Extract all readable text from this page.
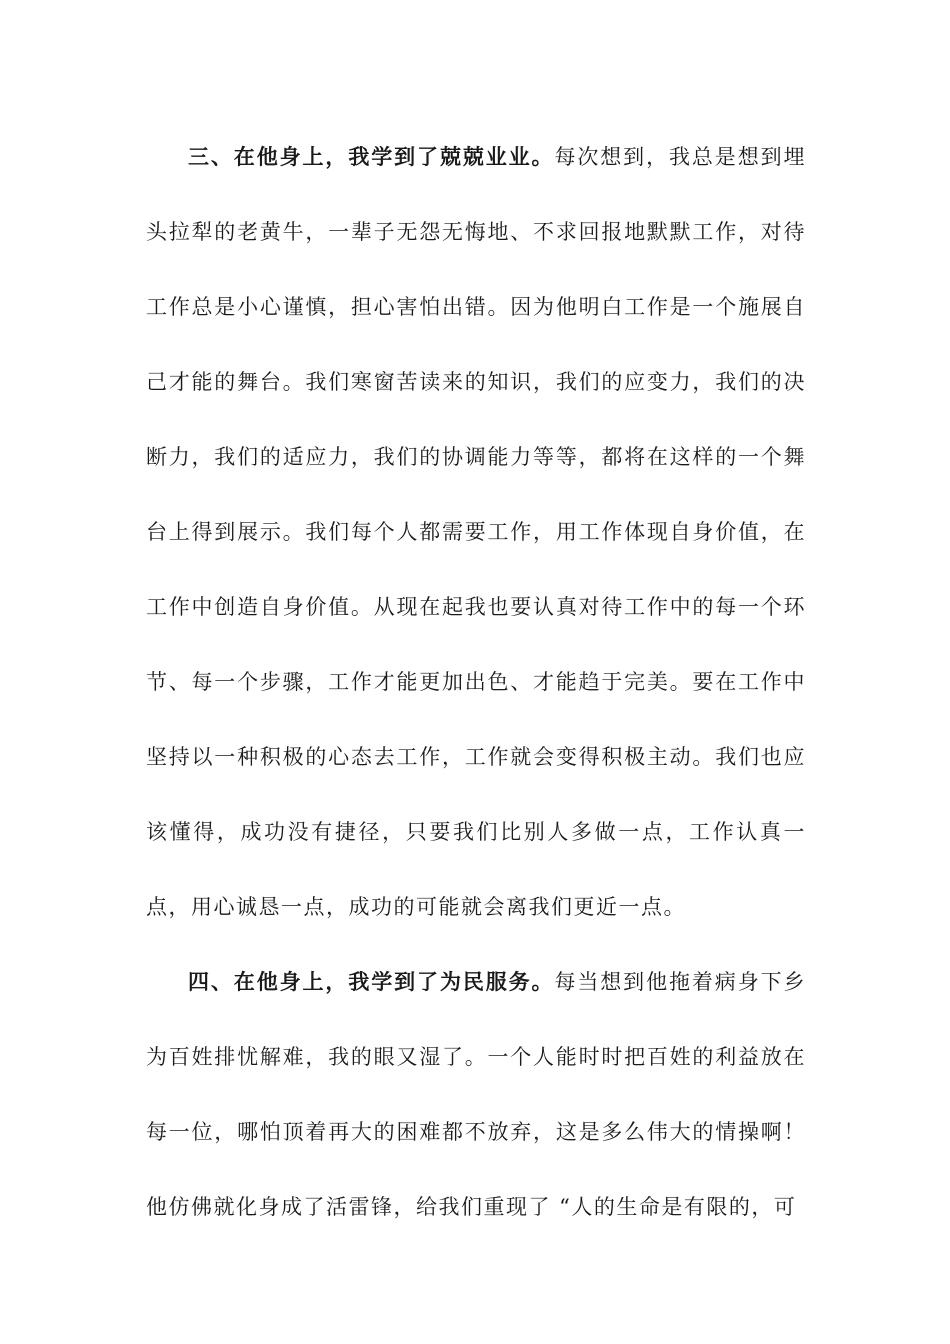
三、在他身上，我学到了兢兢业业。每次想到，我总是想到埋头拉犁的老黄牛，一辈子无怨无悔地、不求回报地默默工作，对待工作总是小心谨慎，担心害怕出错。因为他明白工作是一个施展自己才能的舞台。我们寒窗苦读来的知识，我们的应变力，我们的决断力，我们的适应力，我们的协调能力等等，都将在这样的一个舞台上得到展示。我们每个人都需要工作，用工作体现自身价值，在工作中创造自身价值。从现在起我也要认真对待工作中的每一个环节、每一个步骤，工作才能更加出色、才能趋于完美。要在工作中坚持以一种积极的心态去工作，工作就会变得积极主动。我们也应该懂得，成功没有捷径，只要我们比别人多做一点，工作认真一点，用心诚恳一点，成功的可能就会离我们更近一点。

四、在他身上，我学到了为民服务。每当想到他拖着病身下乡为百姓排忧解难，我的眼又湿了。一个人能时时把百姓的利益放在每一位，哪怕顶着再大的困难都不放弃，这是多么伟大的情操啊！他仿佛就化身成了活雷锋，给我们重现了 “人的生命是有限的，可
